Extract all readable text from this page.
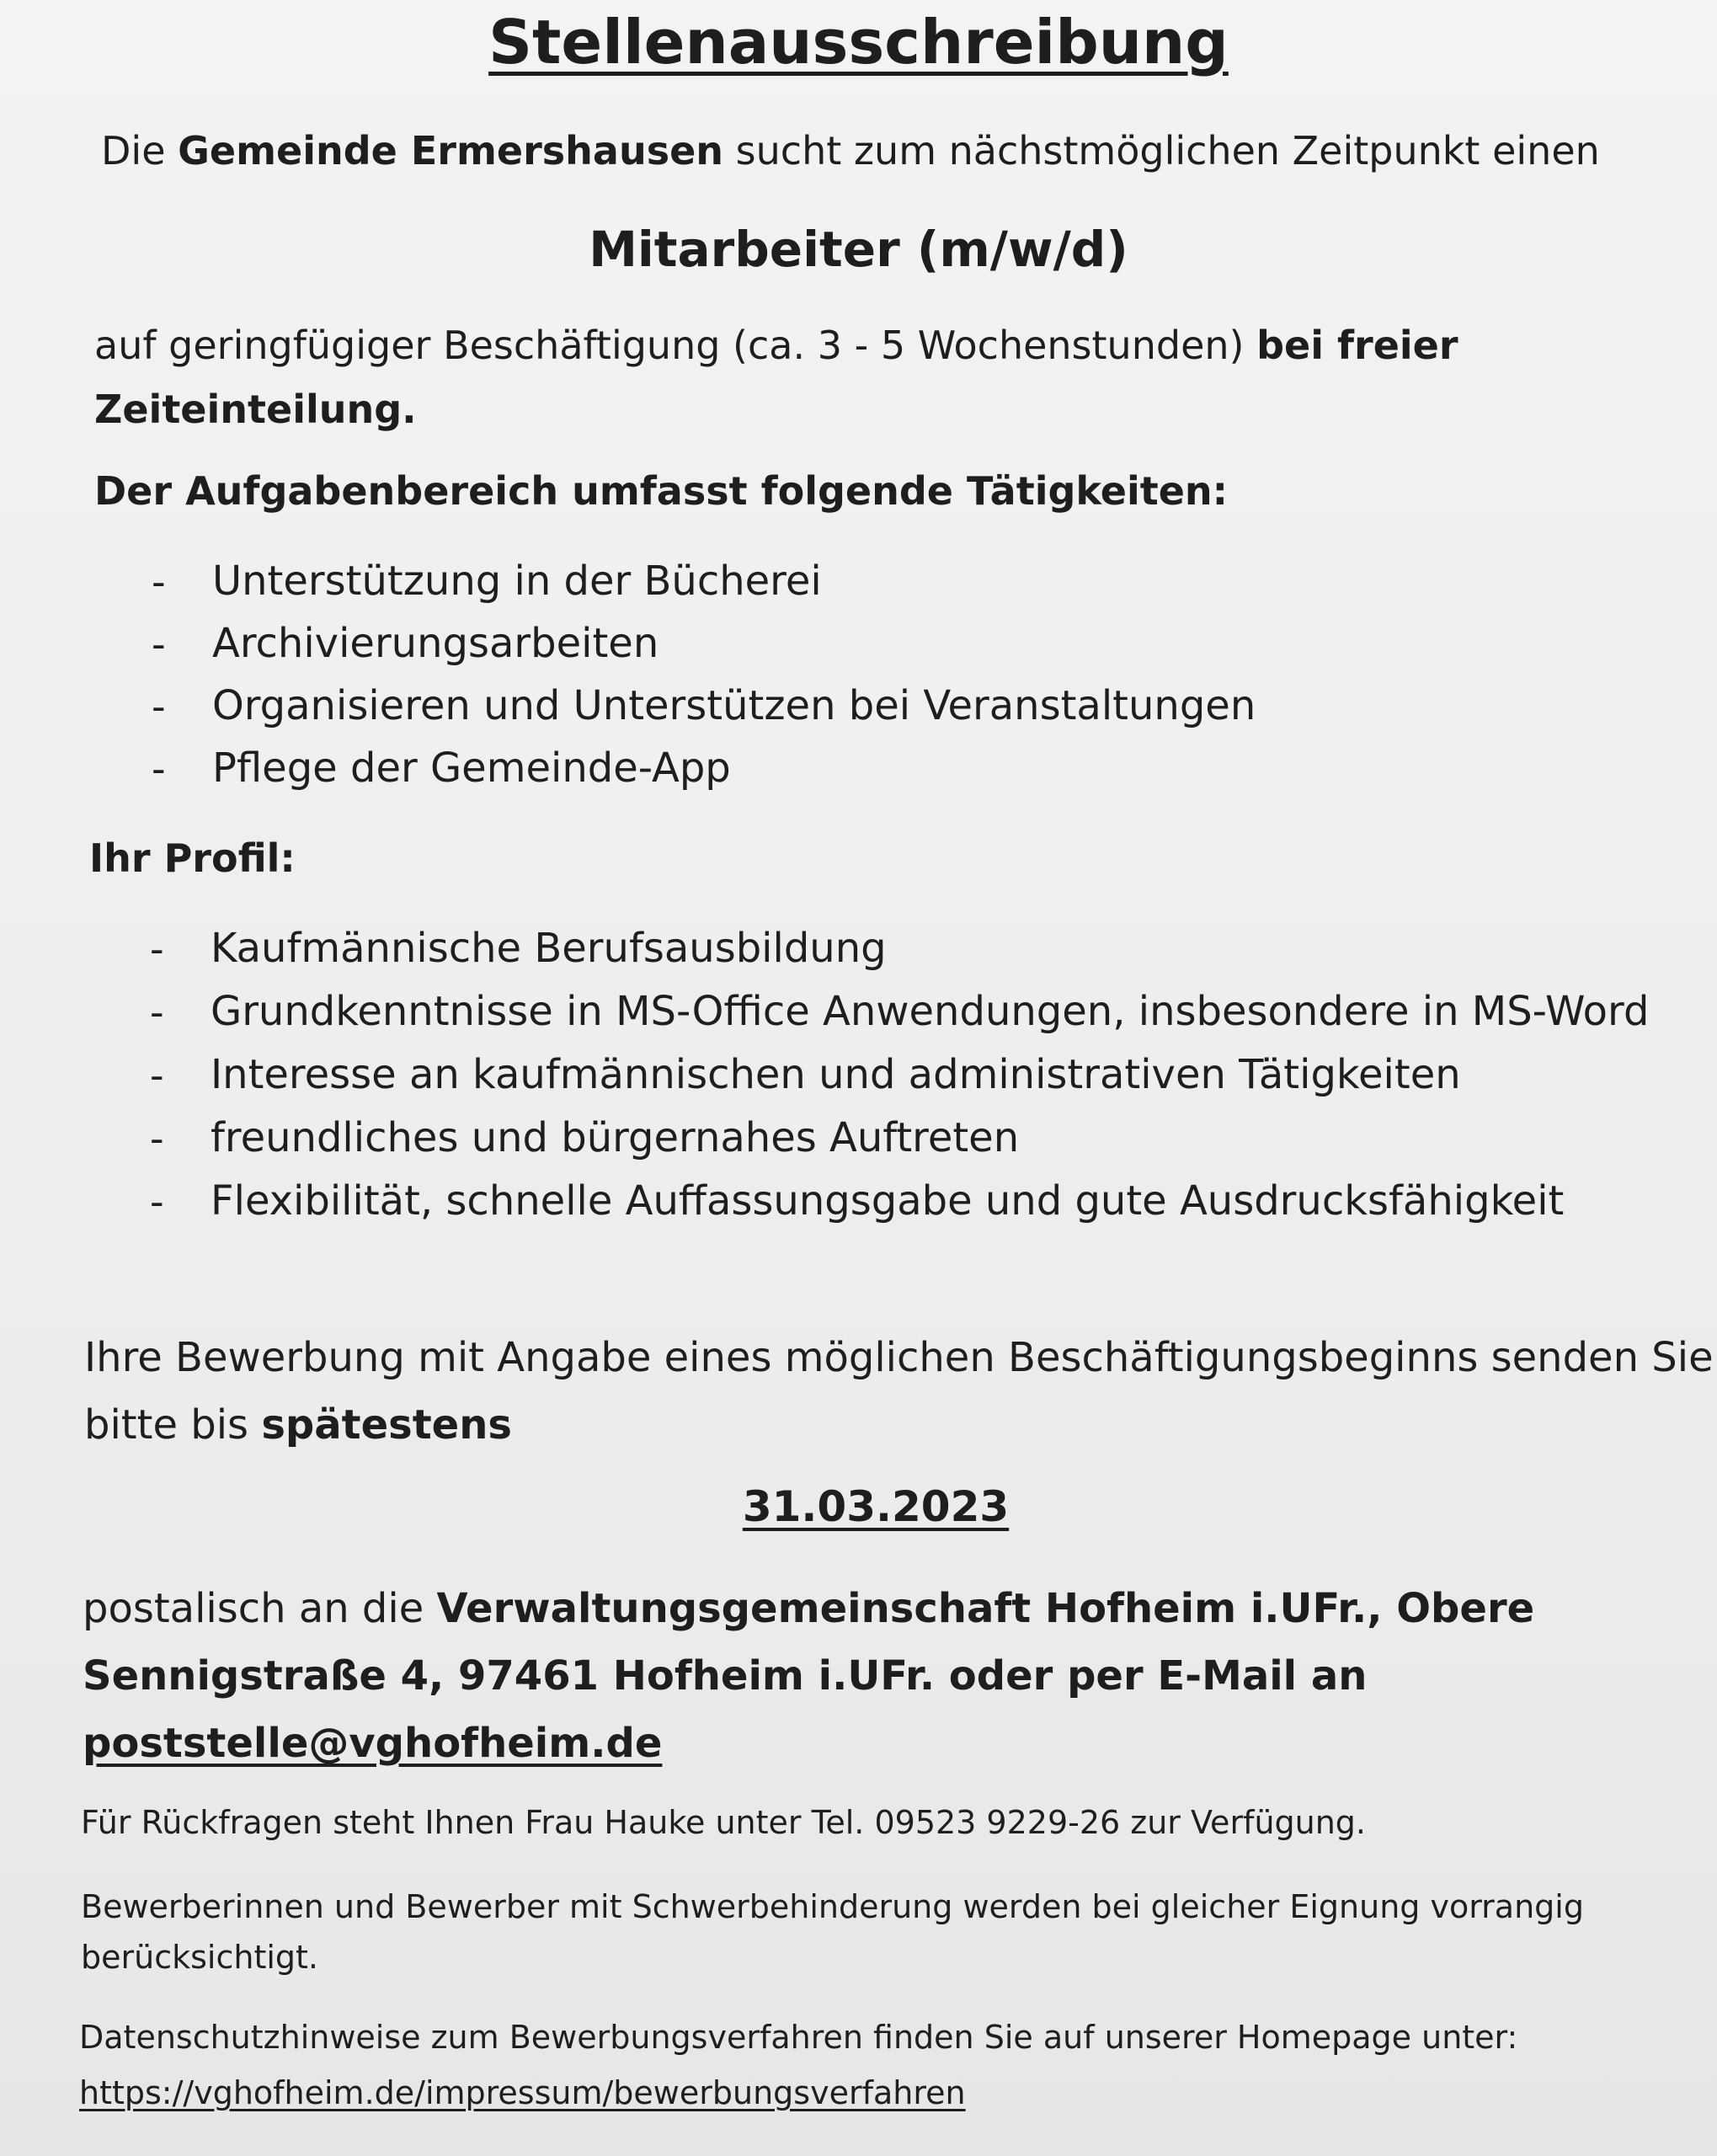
Stellenausschreibung
Die Gemeinde Ermershausen sucht zum nächstmöglichen Zeitpunkt einen
Mitarbeiter (m/w/d)
auf geringfügiger Beschäftigung (ca. 3 - 5 Wochenstunden) bei freier
Zeiteinteilung.
Der Aufgabenbereich umfasst folgende Tätigkeiten:
- Unterstützung in der Bücherei
- Archivierungsarbeiten
- Organisieren und Unterstützen bei Veranstaltungen
- Pflege der Gemeinde-App
Ihr Profil:
- Kaufmännische Berufsausbildung
- Grundkenntnisse in MS-Office Anwendungen, insbesondere in MS-Word
- Interesse an kaufmännischen und administrativen Tätigkeiten
- freundliches und bürgernahes Auftreten
- Flexibilität, schnelle Auffassungsgabe und gute Ausdrucksfähigkeit
Ihre Bewerbung mit Angabe eines möglichen Beschäftigungsbeginns senden Sie
bitte bis spätestens
31.03.2023
postalisch an die Verwaltungsgemeinschaft Hofheim i.UFr., Obere
Sennigstraße 4, 97461 Hofheim i.UFr. oder per E-Mail an
poststelle@vghofheim.de
Für Rückfragen steht Ihnen Frau Hauke unter Tel. 09523 9229-26 zur Verfügung.
Bewerberinnen und Bewerber mit Schwerbehinderung werden bei gleicher Eignung vorrangig
berücksichtigt.
Datenschutzhinweise zum Bewerbungsverfahren finden Sie auf unserer Homepage unter:
https://vghofheim.de/impressum/bewerbungsverfahren
